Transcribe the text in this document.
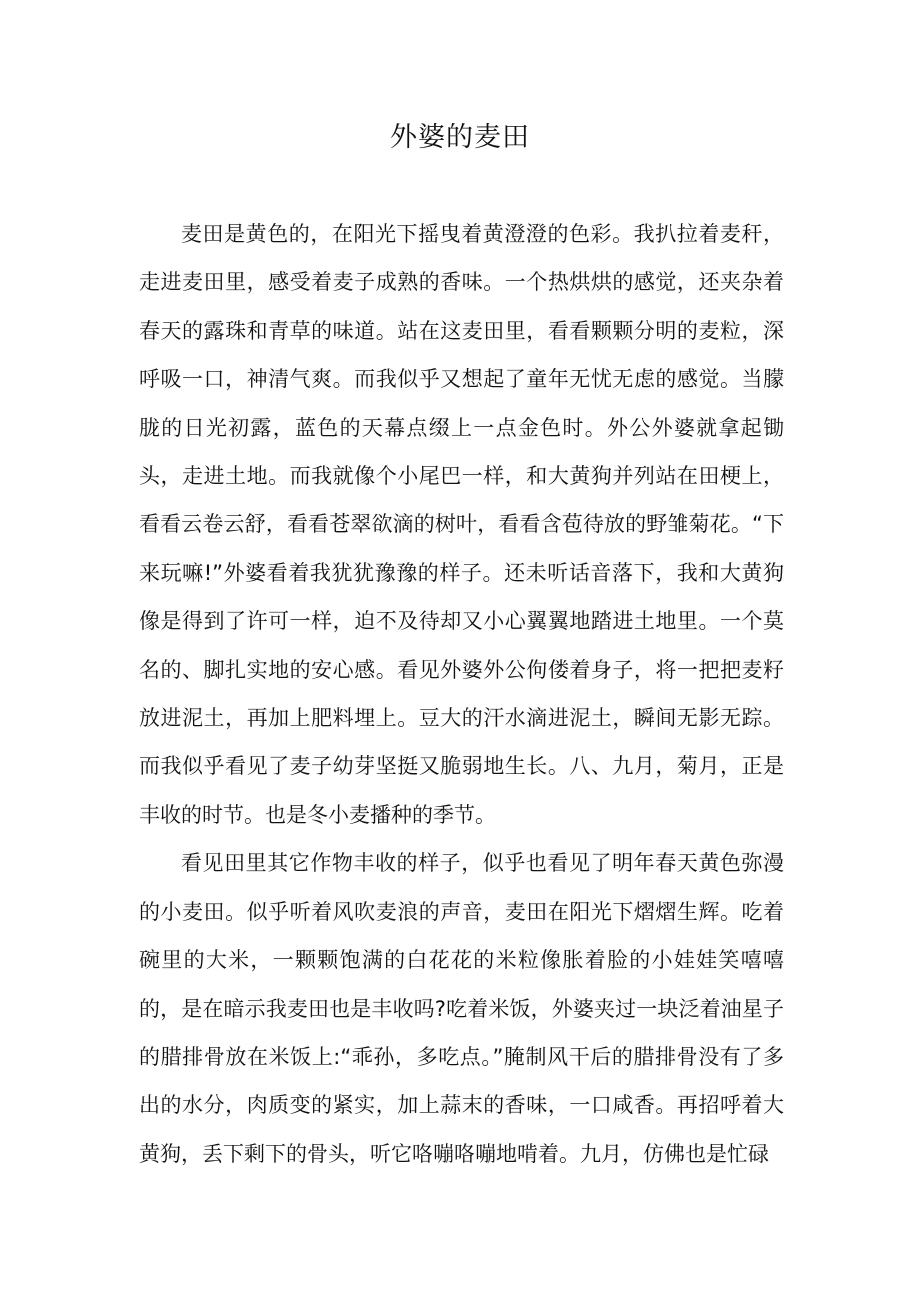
外婆的麦田

麦田是黄色的，在阳光下摇曳着黄澄澄的色彩。我扒拉着麦秆，走进麦田里，感受着麦子成熟的香味。一个热烘烘的感觉，还夹杂着春天的露珠和青草的味道。站在这麦田里，看看颗颗分明的麦粒，深呼吸一口，神清气爽。而我似乎又想起了童年无忧无虑的感觉。当朦胧的日光初露，蓝色的天幕点缀上一点金色时。外公外婆就拿起锄头，走进土地。而我就像个小尾巴一样，和大黄狗并列站在田梗上，看看云卷云舒，看看苍翠欲滴的树叶，看看含苞待放的野雏菊花。“下来玩嘛!”外婆看着我犹犹豫豫的样子。还未听话音落下，我和大黄狗像是得到了许可一样，迫不及待却又小心翼翼地踏进土地里。一个莫名的、脚扎实地的安心感。看见外婆外公佝偻着身子，将一把把麦籽放进泥土，再加上肥料埋上。豆大的汗水滴进泥土，瞬间无影无踪。而我似乎看见了麦子幼芽坚挺又脆弱地生长。八、九月，菊月，正是丰收的时节。也是冬小麦播种的季节。

看见田里其它作物丰收的样子，似乎也看见了明年春天黄色弥漫的小麦田。似乎听着风吹麦浪的声音，麦田在阳光下熠熠生辉。吃着碗里的大米，一颗颗饱满的白花花的米粒像胀着脸的小娃娃笑嘻嘻的，是在暗示我麦田也是丰收吗?吃着米饭，外婆夹过一块泛着油星子的腊排骨放在米饭上:“乖孙，多吃点。”腌制风干后的腊排骨没有了多出的水分，肉质变的紧实，加上蒜末的香味，一口咸香。再招呼着大黄狗，丢下剩下的骨头，听它咯嘣咯嘣地啃着。九月，仿佛也是忙碌
